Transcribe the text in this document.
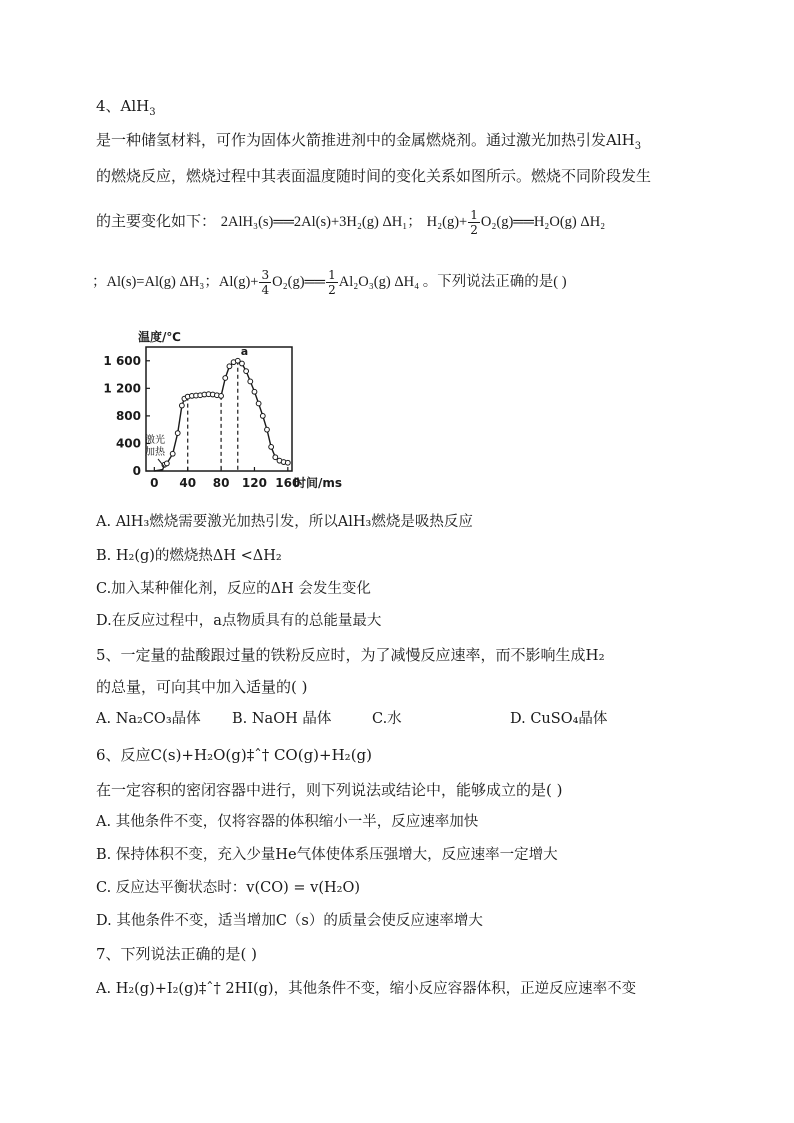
4、AlH$_3$
是一种储氢材料，可作为固体火箭推进剂中的金属燃烧剂。通过激光加热引发AlH$_3$
的燃烧反应，燃烧过程中其表面温度随时间的变化关系如图所示。燃烧不同阶段发生
的主要变化如下： 2AlH₃(s)══2Al(s)+3H₂(g) ΔH₁； $H_2(g)+ \frac{1}{2}$ O₂(g)══H₂O(g) ΔH₂
；Al(s)=Al(g) ΔH₃；$Al(g)+ \frac{3}{4}$ O₂(g)══ $\frac{1}{2} Al_2O_3(g)$ ΔH₄ 。下列说法正确的是( )
0
400
800
1 200
1 600
0 40 80 120 160
温度/℃
时间/ms
a
激光
加热
A. AlH₃燃烧需要激光加热引发，所以AlH₃燃烧是吸热反应
B. H₂(g)的燃烧热ΔH <ΔH₂
C.加入某种催化剂，反应的ΔH 会发生变化
D.在反应过程中，a点物质具有的总能量最大
5、一定量的盐酸跟过量的铁粉反应时，为了减慢反应速率，而不影响生成H₂
的总量，可向其中加入适量的( )
A. Na₂CO₃晶体 B. NaOH 晶体	C.水	D. CuSO₄晶体
6、反应C(s)+H₂O(g)‡ˆ† CO(g)+H₂(g)
在一定容积的密闭容器中进行，则下列说法或结论中，能够成立的是( )
A. 其他条件不变，仅将容器的体积缩小一半，反应速率加快
B. 保持体积不变，充入少量He气体使体系压强增大，反应速率一定增大
C. 反应达平衡状态时：v(CO) = v(H₂O)
D. 其他条件不变，适当增加C（s）的质量会使反应速率增大
7、下列说法正确的是( )
A. H₂(g)+I₂(g)‡ˆ† 2HI(g)，其他条件不变，缩小反应容器体积，正逆反应速率不变
